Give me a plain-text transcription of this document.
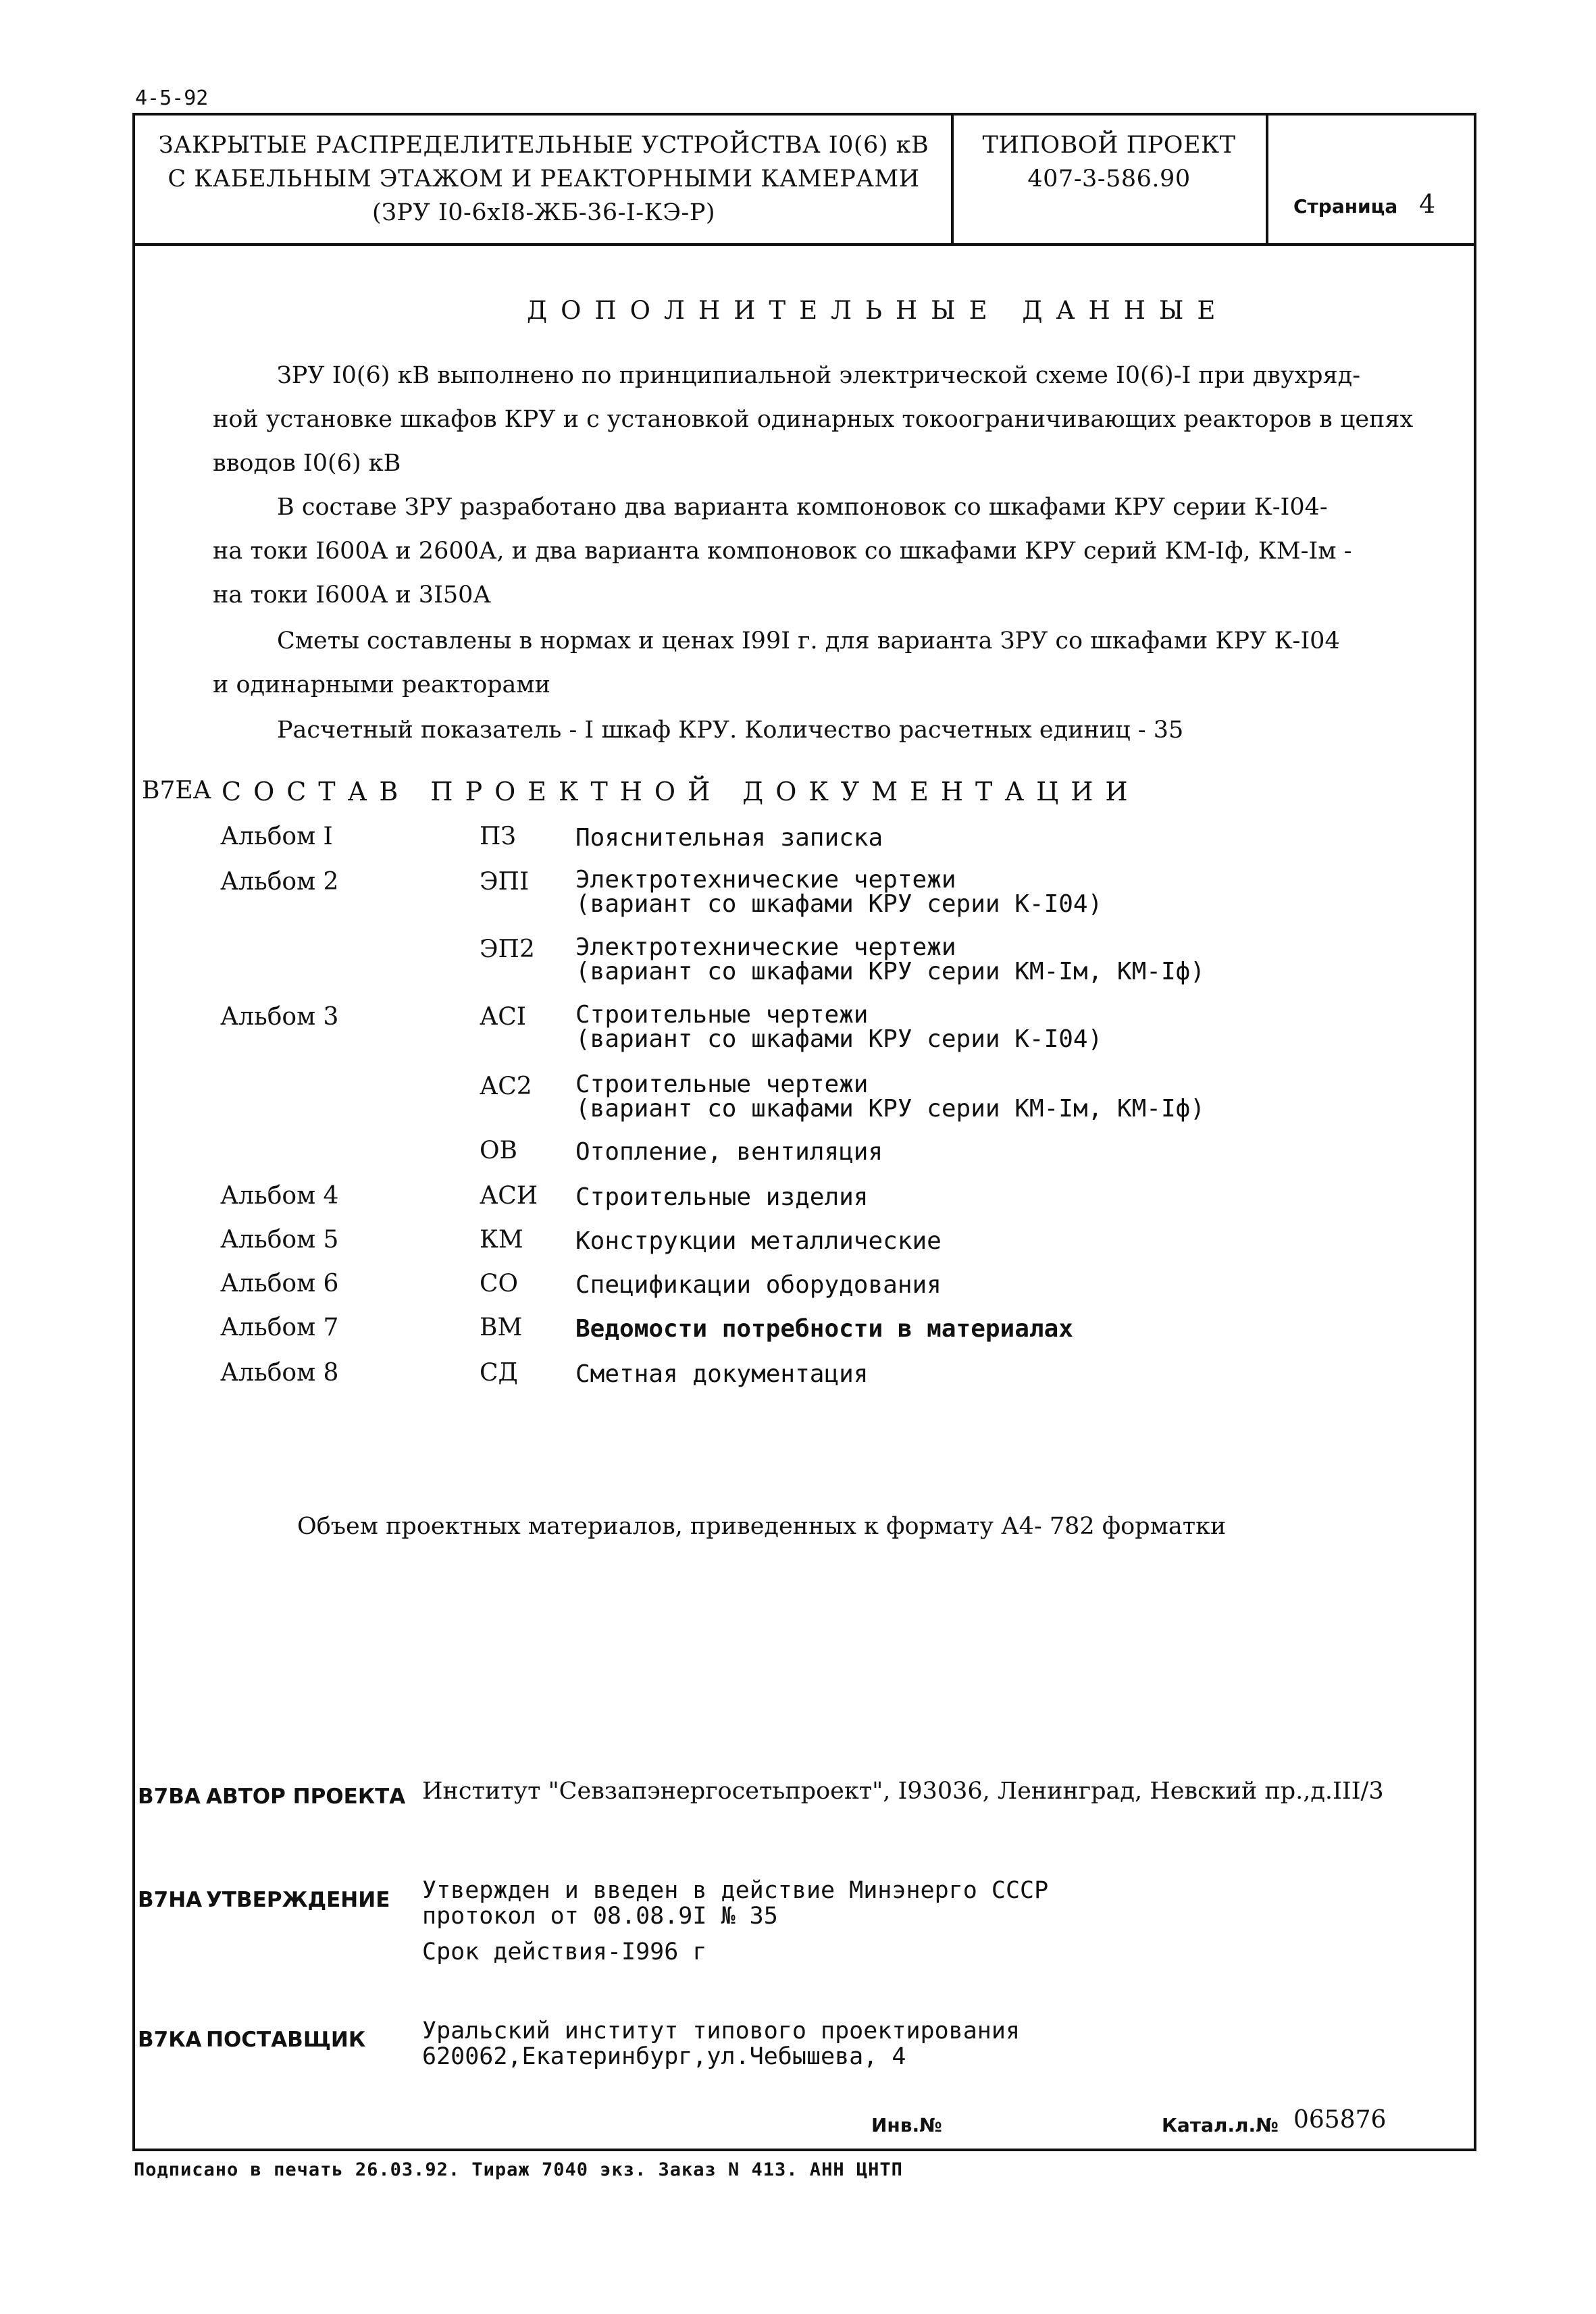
4-5-92
ЗАКРЫТЫЕ РАСПРЕДЕЛИТЕЛЬНЫЕ УСТРОЙСТВА I0(6) кВ
С КАБЕЛЬНЫМ ЭТАЖОМ И РЕАКТОРНЫМИ КАМЕРАМИ
(ЗРУ I0-6хI8-ЖБ-36-I-КЭ-Р)
ТИПОВОЙ ПРОЕКТ
407-3-586.90
Страница 4
ДОПОЛНИТЕЛЬНЫЕ ДАННЫЕ
ЗРУ I0(6) кВ выполнено по принципиальной электрической схеме I0(6)-I при двухряд-
ной установке шкафов КРУ и с установкой одинарных токоограничивающих реакторов в цепях
вводов I0(6) кВ
В составе ЗРУ разработано два варианта компоновок со шкафами КРУ серии К-I04-
на токи I600А и 2600А, и два варианта компоновок со шкафами КРУ серий КМ-Iф, КМ-Iм -
на токи I600А и 3I50А
Сметы составлены в нормах и ценах I99I г. для варианта ЗРУ со шкафами КРУ К-I04
и одинарными реакторами
Расчетный показатель - I шкаф КРУ. Количество расчетных единиц - 35
В7ЕА СОСТАВ ПРОЕКТНОЙ ДОКУМЕНТАЦИИ
Альбом I	ПЗ Пояснительная записка
Альбом 2	ЭПI Электротехнические чертежи
(вариант со шкафами КРУ серии К-I04)
ЭП2 Электротехнические чертежи
(вариант со шкафами КРУ серии КМ-Iм, КМ-Iф)
Альбом 3	АСI Строительные чертежи
(вариант со шкафами КРУ серии К-I04)
АС2 Строительные чертежи
(вариант со шкафами КРУ серии КМ-Iм, КМ-Iф)
ОВ Отопление, вентиляция
Альбом 4	АСИ Строительные изделия
Альбом 5	КМ Конструкции металлические
Альбом 6	СО Спецификации оборудования
Альбом 7	ВМ Ведомости потребности в материалах
Альбом 8	СД Сметная документация
Объем проектных материалов, приведенных к формату А4- 782 форматки
В7ВА АВТОР ПРОЕКТА Институт "Севзапэнергосетьпроект", I93036, Ленинград, Невский пр.,д.III/3
В7НА УТВЕРЖДЕНИЕ Утвержден и введен в действие Минэнерго СССР
протокол от 08.08.9I № 35
Срок действия-I996 г
В7КА ПОСТАВЩИК Уральский институт типового проектирования
620062,Екатеринбург,ул.Чебышева, 4
Инв.№	Катал.л.№ 065876
Подписано в печать 26.03.92. Тираж 7040 экз. Заказ N 413. АНН ЦНТП
